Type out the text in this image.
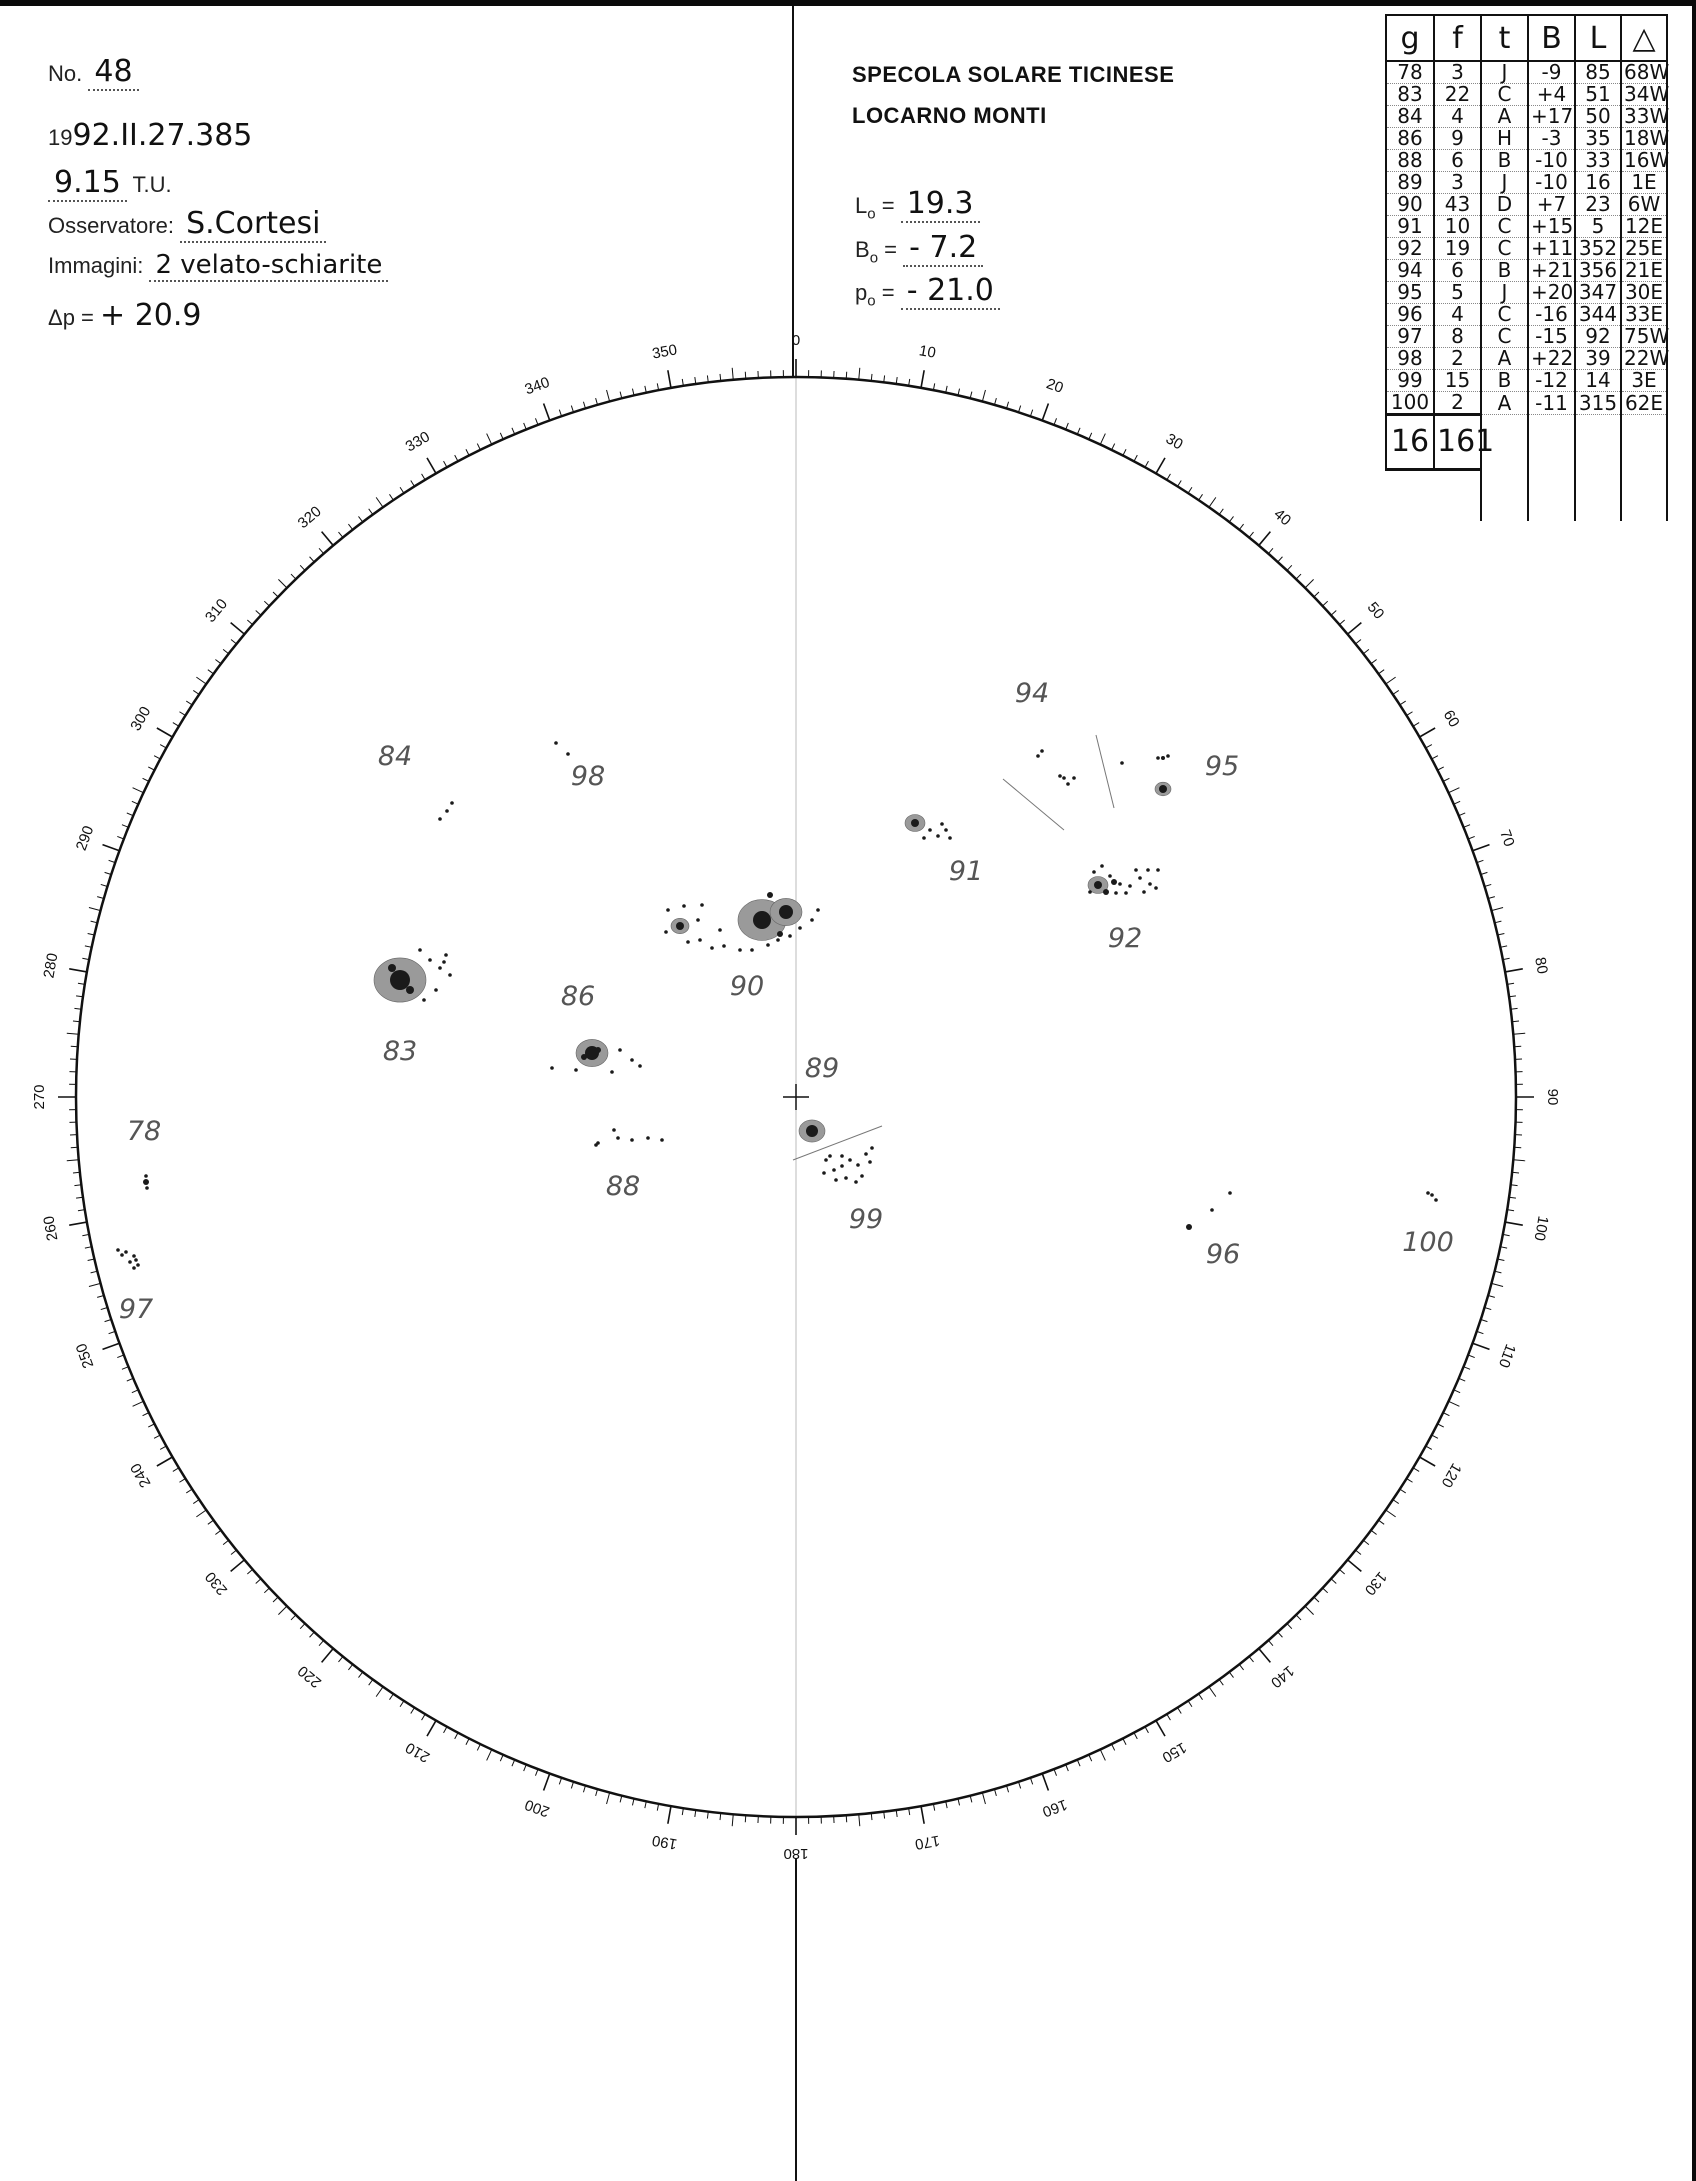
No. 48
1992.II.27.385
9.15 T.U.
Osservatore: S.Cortesi
Immagini: 2 velato-schiarite
Δp = + 20.9
SPECOLA SOLARE TICINESE
LOCARNO MONTI
$L_o = 19.3$
$B_o$ = - 7.2
$p_o$ = - 21.0
g	f	t	B	L	△
78	3	J	-9	85	68W
83	22	C	+4	51	34W
84	4	A	+17	50	33W
86	9	H	-3	35	18W
88	6	B	-10	33	16W
89	3	J	-10	16	1E
90	43	D	+7	23	6W
91	10	C	+15	5	12E
92	19	C	+11	352	25E
94	6	B	+21	356	21E
95	5	J	+20	347	30E
96	4	C	-16	344	33E
97	8	C	-15	92	75W
98	2	A	+22	39	22W
99	15	B	-12	14	3E
100	2	A	-11	315	62E
16	161				

0
10
20
30
40
50
60
70
80
90
100
110
120
130
140
150
160
170
180
190
200
210
220
230
240
250
260
270
280
290
300
310
320
330
340
350
78
83
84
86
88
89
90
91
92
94
95
96
97
98
99
100
